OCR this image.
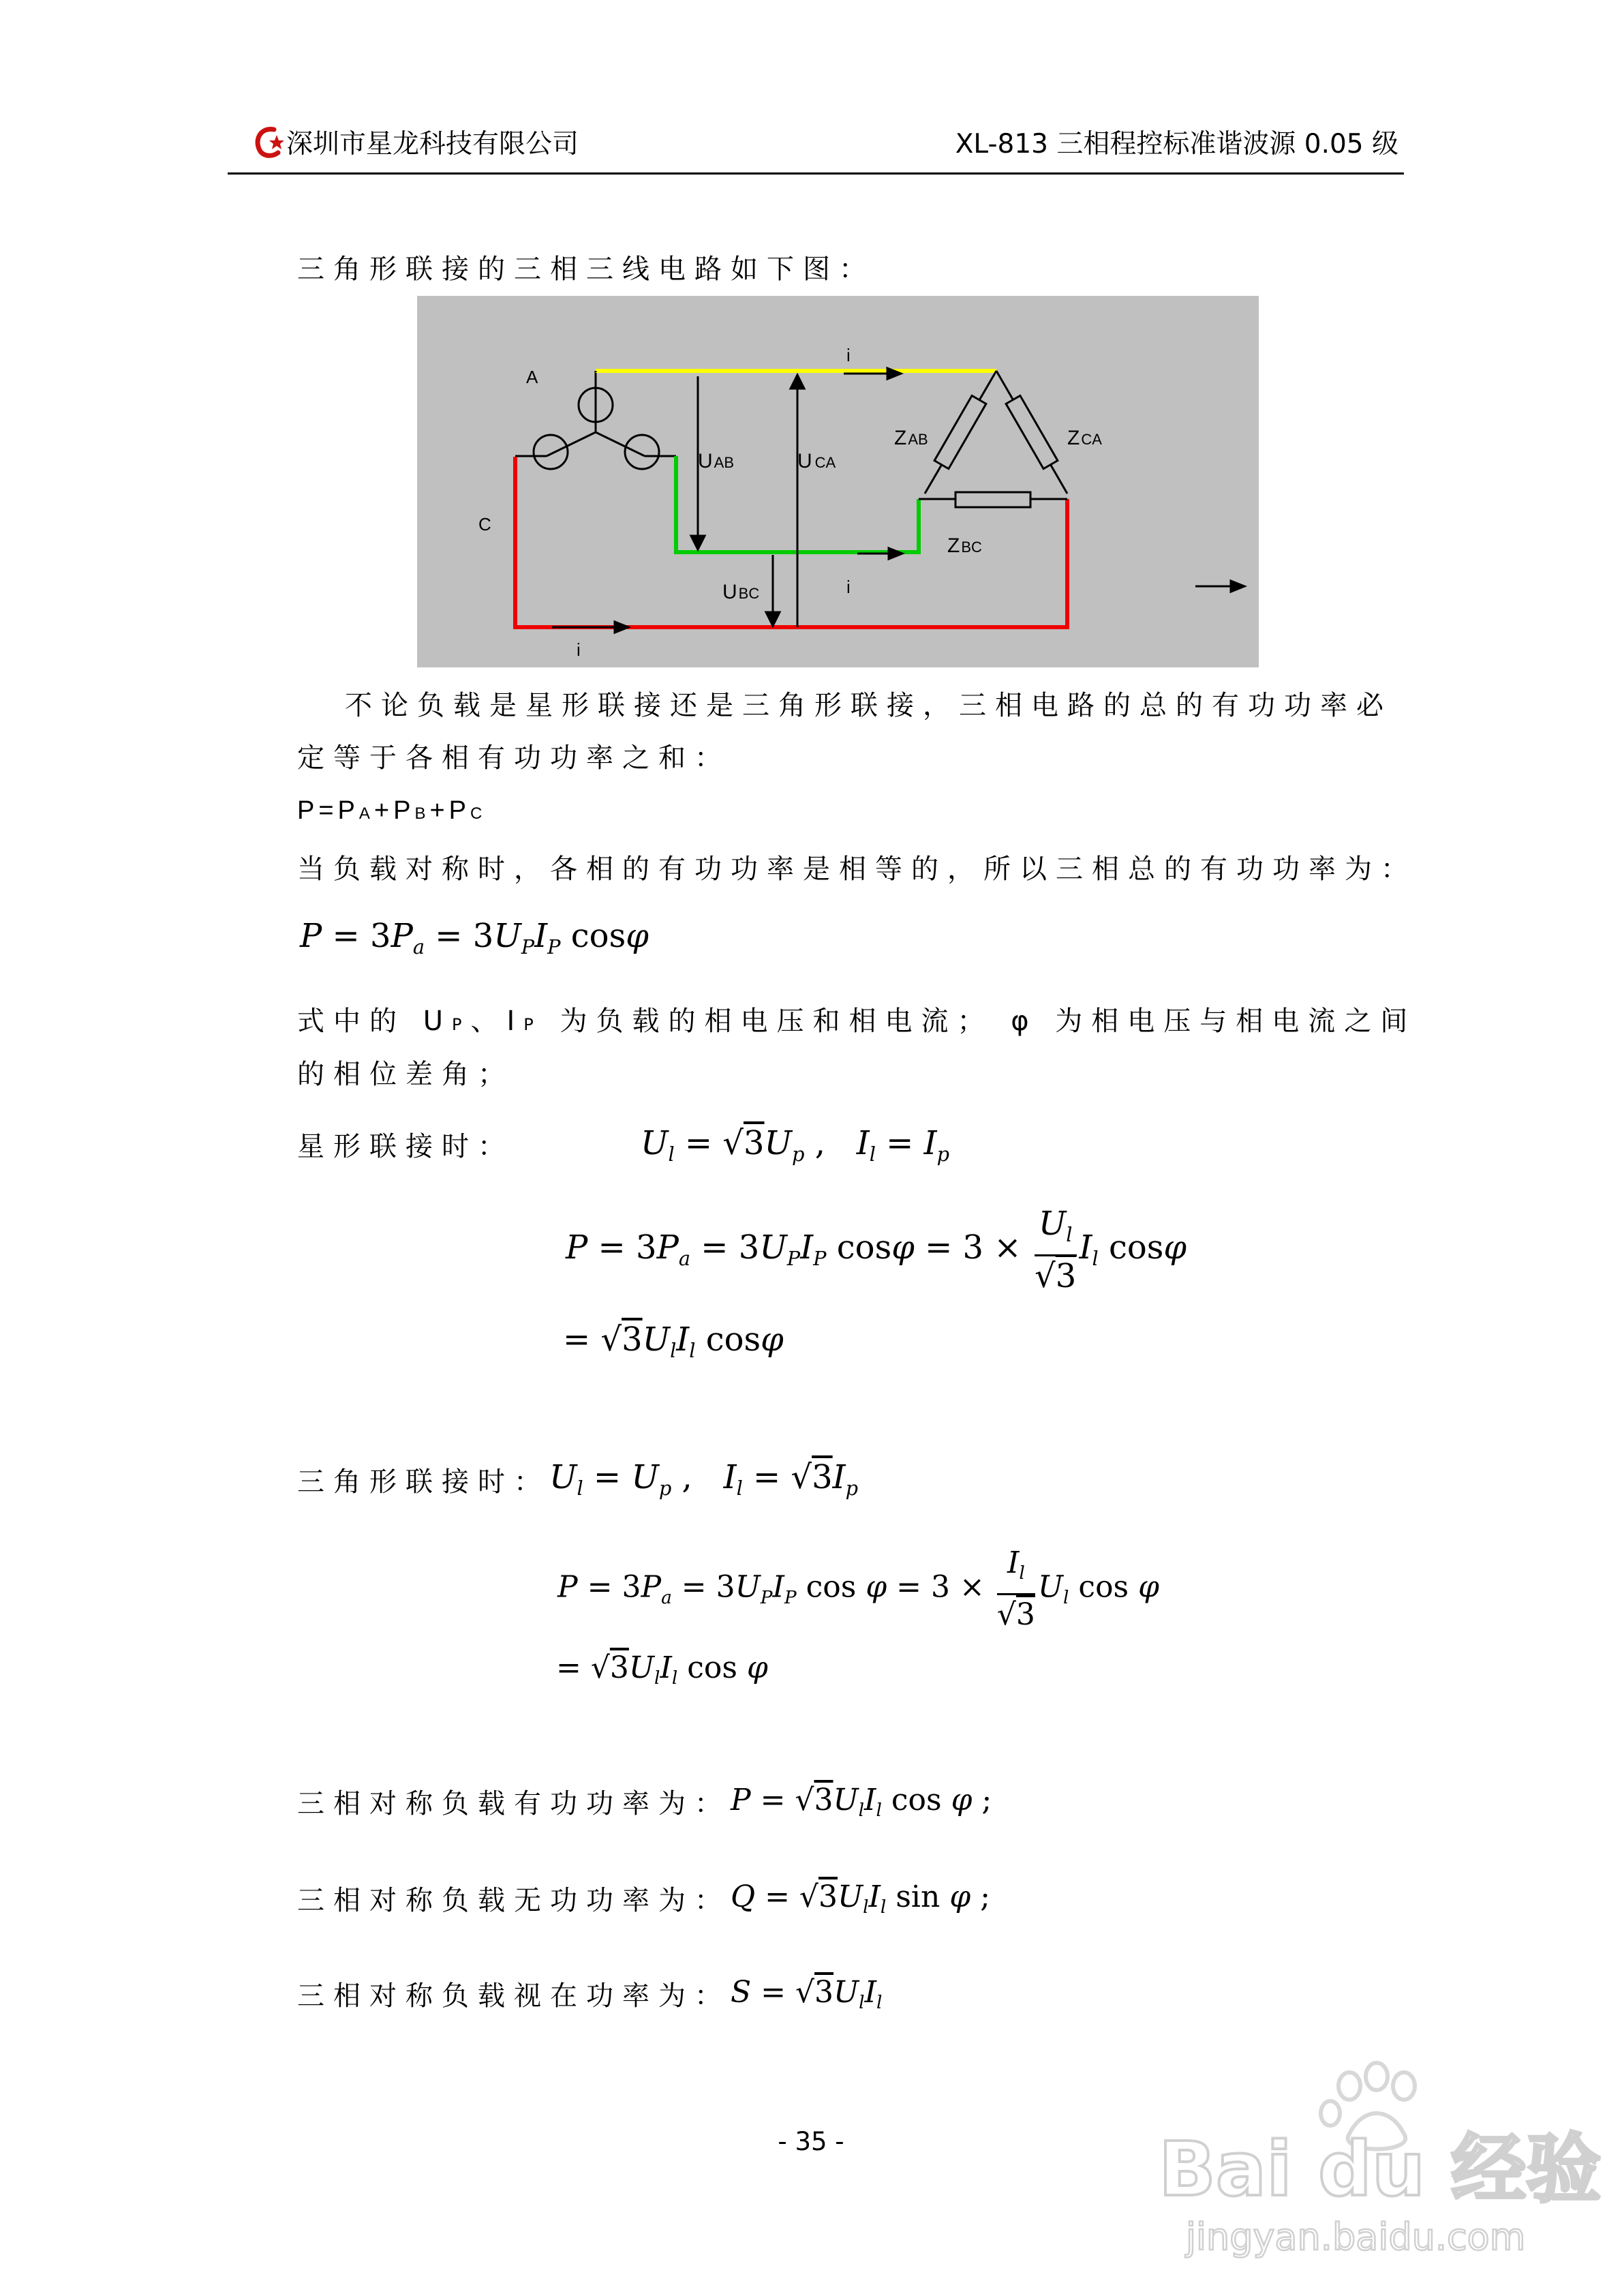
深圳市星龙科技有限公司	XL-813 三相程控标准谐波源 0.05 级
三角形联接的三相三线电路如下图：
A
C
i
i
i
UAB	U CA
UBC
ZAB	ZCA
ZBC
不论负载是星形联接还是三角形联接，三相电路的总的有功功率必
定等于各相有功功率之和：
P=PA+PB+PC
当负载对称时，各相的有功功率是相等的，所以三相总的有功功率为：
$P = 3P_a = 3U_PI_P$ cosφ
式中的 UP、IP 为负载的相电压和相电流； φ 为相电压与相电流之间
的相位差角；
星形联接时：	$U_l = √3U_p$ ,   $I_l = I_p$
$P = 3P_a = 3U_PI_P$ $\cos\varphi = 3 \times \frac{U_l}{√3} I_l$ cosφ
= $√3U_lI_l$ cosφ
三角形联接时： $U_l = U_p$ ,   $I_l = √3I_p$
$P = 3P_a = 3U_PI_P$ $\cos \varphi = 3 \times \frac{I_l}{√3} U_l$ cos φ
= $√3U_lI_l$ cos φ
三相对称负载有功功率为： $P = √3U_lI_l$ cos φ ;
三相对称负载无功功率为： $Q = √3U_lI_l$ sin φ ;
三相对称负载视在功率为： $S = √3U_lI_l$
- 35 -	Bai du 经验
jingyan.baidu.com
